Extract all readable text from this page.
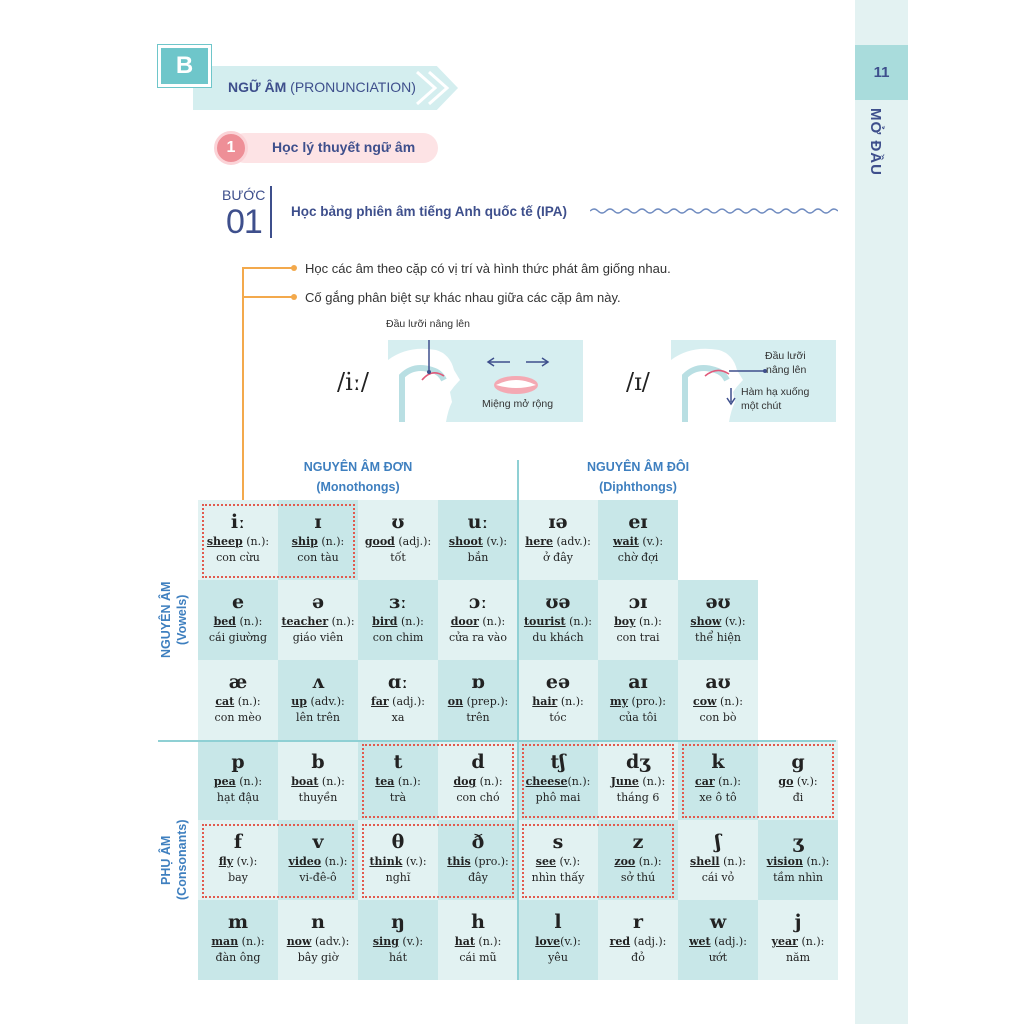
11
MỞ ĐẦU
B
NGỮ ÂM (PRONUNCIATION)
1	Học lý thuyết ngữ âm
BƯỚC
01 Học bảng phiên âm tiếng Anh quốc tế (IPA)
Học các âm theo cặp có vị trí và hình thức phát âm giống nhau.
Cố gắng phân biệt sự khác nhau giữa các cặp âm này.
/iː/
Đầu lưỡi nâng lên
Miệng mở rộng
/ɪ/
Đầu lưỡi
nâng lên
Hàm hạ xuống
một chút
NGUYÊN ÂM ĐƠN
(Monothongs)
NGUYÊN ÂM ĐÔI
(Diphthongs)
NGUYÊN ÂM (Vowels)
PHỤ ÂM (Consonants)
iː
sheep (n.):
con cừu
ɪ
ship (n.):
con tàu
ʊ
good (adj.):
tốt
uː
shoot (v.):
bắn
ɪə
here (adv.):
ở đây
eɪ
wait (v.):
chờ đợi
e
bed (n.):
cái giường
ə
teacher (n.):
giáo viên
ɜː
bird (n.):
con chim
ɔː
door (n.):
cửa ra vào
ʊə
tourist (n.):
du khách
ɔɪ
boy (n.):
con trai
əʊ
show (v.):
thể hiện
æ
cat (n.):
con mèo
ʌ
up (adv.):
lên trên
ɑː
far (adj.):
xa
ɒ
on (prep.):
trên
eə
hair (n.):
tóc
aɪ
my (pro.):
của tôi
aʊ
cow (n.):
con bò
p
pea (n.):
hạt đậu
b
boat (n.):
thuyền
t
tea (n.):
trà
d
dog (n.):
con chó
tʃ
cheese(n.):
phô mai
dʒ
June (n.):
tháng 6
k
car (n.):
xe ô tô
g
go (v.):
đi
f
fly (v.):
bay
v
video (n.):
vi-đê-ô
θ
think (v.):
nghĩ
ð
this (pro.):
đây
s
see (v.):
nhìn thấy
z
zoo (n.):
sở thú
ʃ
shell (n.):
cái vỏ
ʒ
vision (n.):
tầm nhìn
m
man (n.):
đàn ông
n
now (adv.):
bây giờ
ŋ
sing (v.):
hát
h
hat (n.):
cái mũ
l
love(v.):
yêu
r
red (adj.):
đỏ
w
wet (adj.):
ướt
j
year (n.):
năm
